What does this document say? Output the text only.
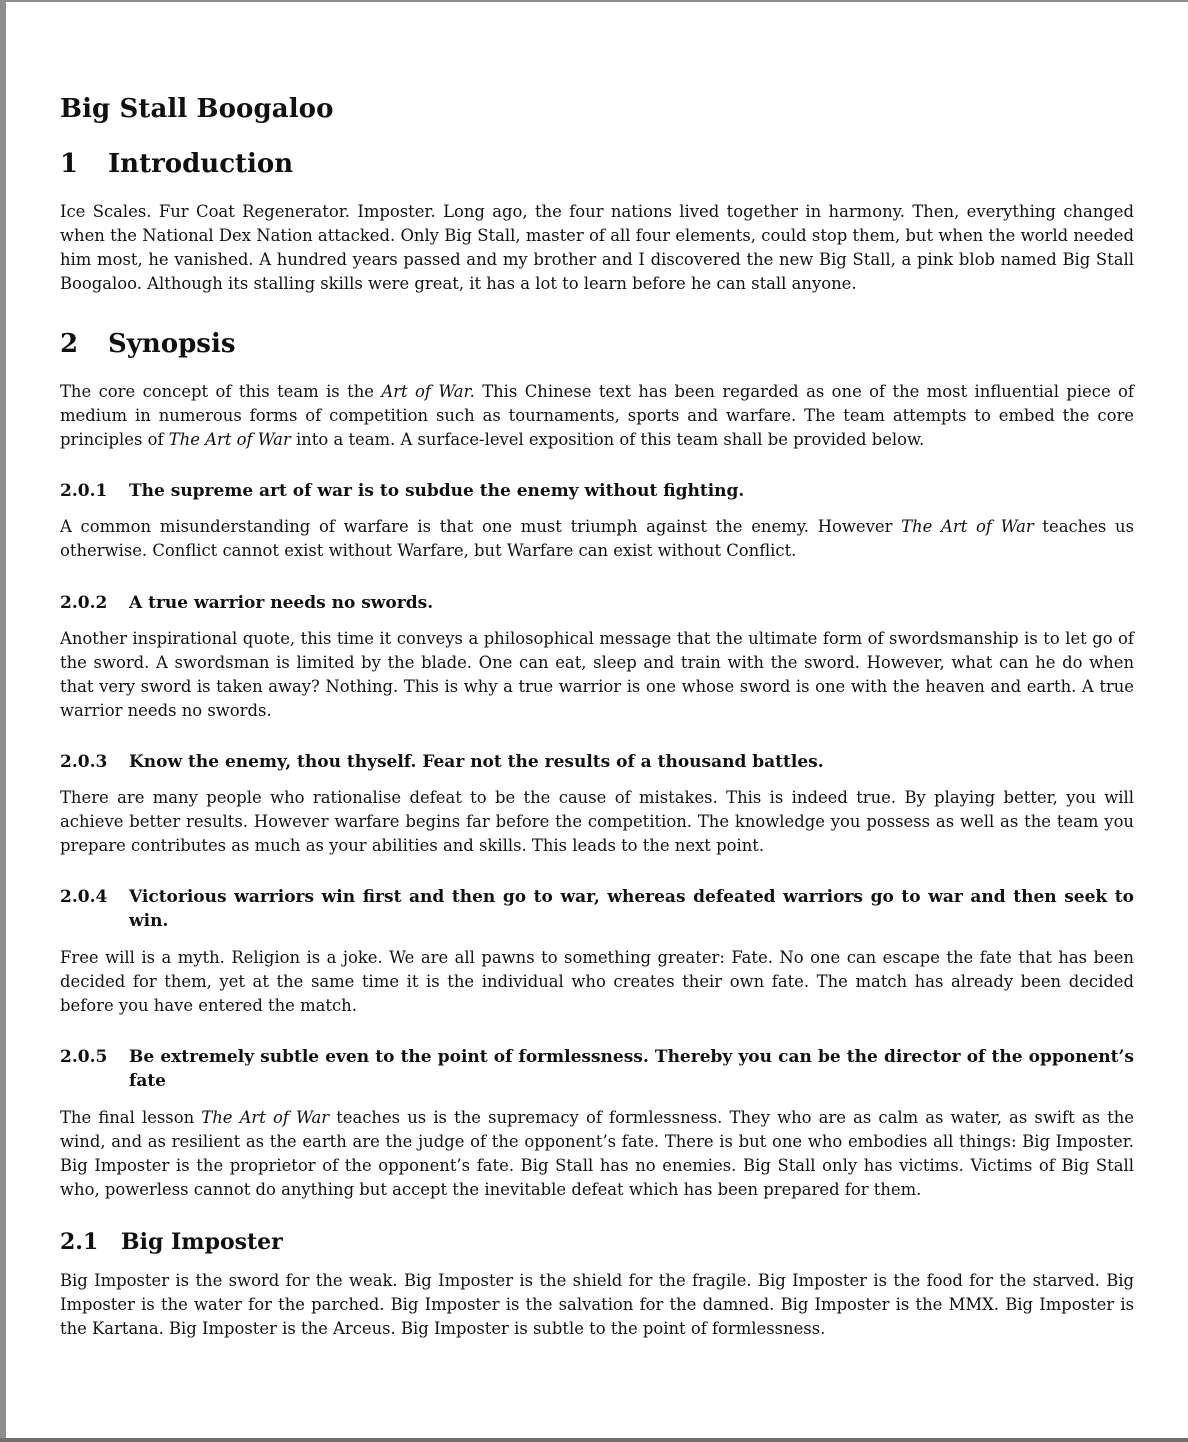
Big Stall Boogaloo
1 Introduction

Ice Scales. Fur Coat Regenerator. Imposter. Long ago, the four nations lived together in harmony. Then, everything changed when the National Dex Nation attacked. Only Big Stall, master of all four elements, could stop them, but when the world needed him most, he vanished. A hundred years passed and my brother and I discovered the new Big Stall, a pink blob named Big Stall Boogaloo. Although its stalling skills were great, it has a lot to learn before he can stall anyone.

2 Synopsis

The core concept of this team is the Art of War. This Chinese text has been regarded as one of the most influential piece of medium in numerous forms of competition such as tournaments, sports and warfare. The team attempts to embed the core principles of The Art of War into a team. A surface-level exposition of this team shall be provided below.

2.0.1 The supreme art of war is to subdue the enemy without fighting.

A common misunderstanding of warfare is that one must triumph against the enemy. However The Art of War teaches us otherwise. Conflict cannot exist without Warfare, but Warfare can exist without Conflict.

2.0.2 A true warrior needs no swords.

Another inspirational quote, this time it conveys a philosophical message that the ultimate form of swordsmanship is to let go of the sword. A swordsman is limited by the blade. One can eat, sleep and train with the sword. However, what can he do when that very sword is taken away? Nothing. This is why a true warrior is one whose sword is one with the heaven and earth. A true warrior needs no swords.

2.0.3 Know the enemy, thou thyself. Fear not the results of a thousand battles.

There are many people who rationalise defeat to be the cause of mistakes. This is indeed true. By playing better, you will achieve better results. However warfare begins far before the competition. The knowledge you possess as well as the team you prepare contributes as much as your abilities and skills. This leads to the next point.

2.0.4 Victorious warriors win first and then go to war, whereas defeated warriors go to war and then seek to win.

Free will is a myth. Religion is a joke. We are all pawns to something greater: Fate. No one can escape the fate that has been decided for them, yet at the same time it is the individual who creates their own fate. The match has already been decided before you have entered the match.

2.0.5 Be extremely subtle even to the point of formlessness. Thereby you can be the director of the opponent’s fate

The final lesson The Art of War teaches us is the supremacy of formlessness. They who are as calm as water, as swift as the wind, and as resilient as the earth are the judge of the opponent’s fate. There is but one who embodies all things: Big Imposter. Big Imposter is the proprietor of the opponent’s fate. Big Stall has no enemies. Big Stall only has victims. Victims of Big Stall who, powerless cannot do anything but accept the inevitable defeat which has been prepared for them.

2.1 Big Imposter

Big Imposter is the sword for the weak. Big Imposter is the shield for the fragile. Big Imposter is the food for the starved. Big Imposter is the water for the parched. Big Imposter is the salvation for the damned. Big Imposter is the MMX. Big Imposter is the Kartana. Big Imposter is the Arceus. Big Imposter is subtle to the point of formlessness.
